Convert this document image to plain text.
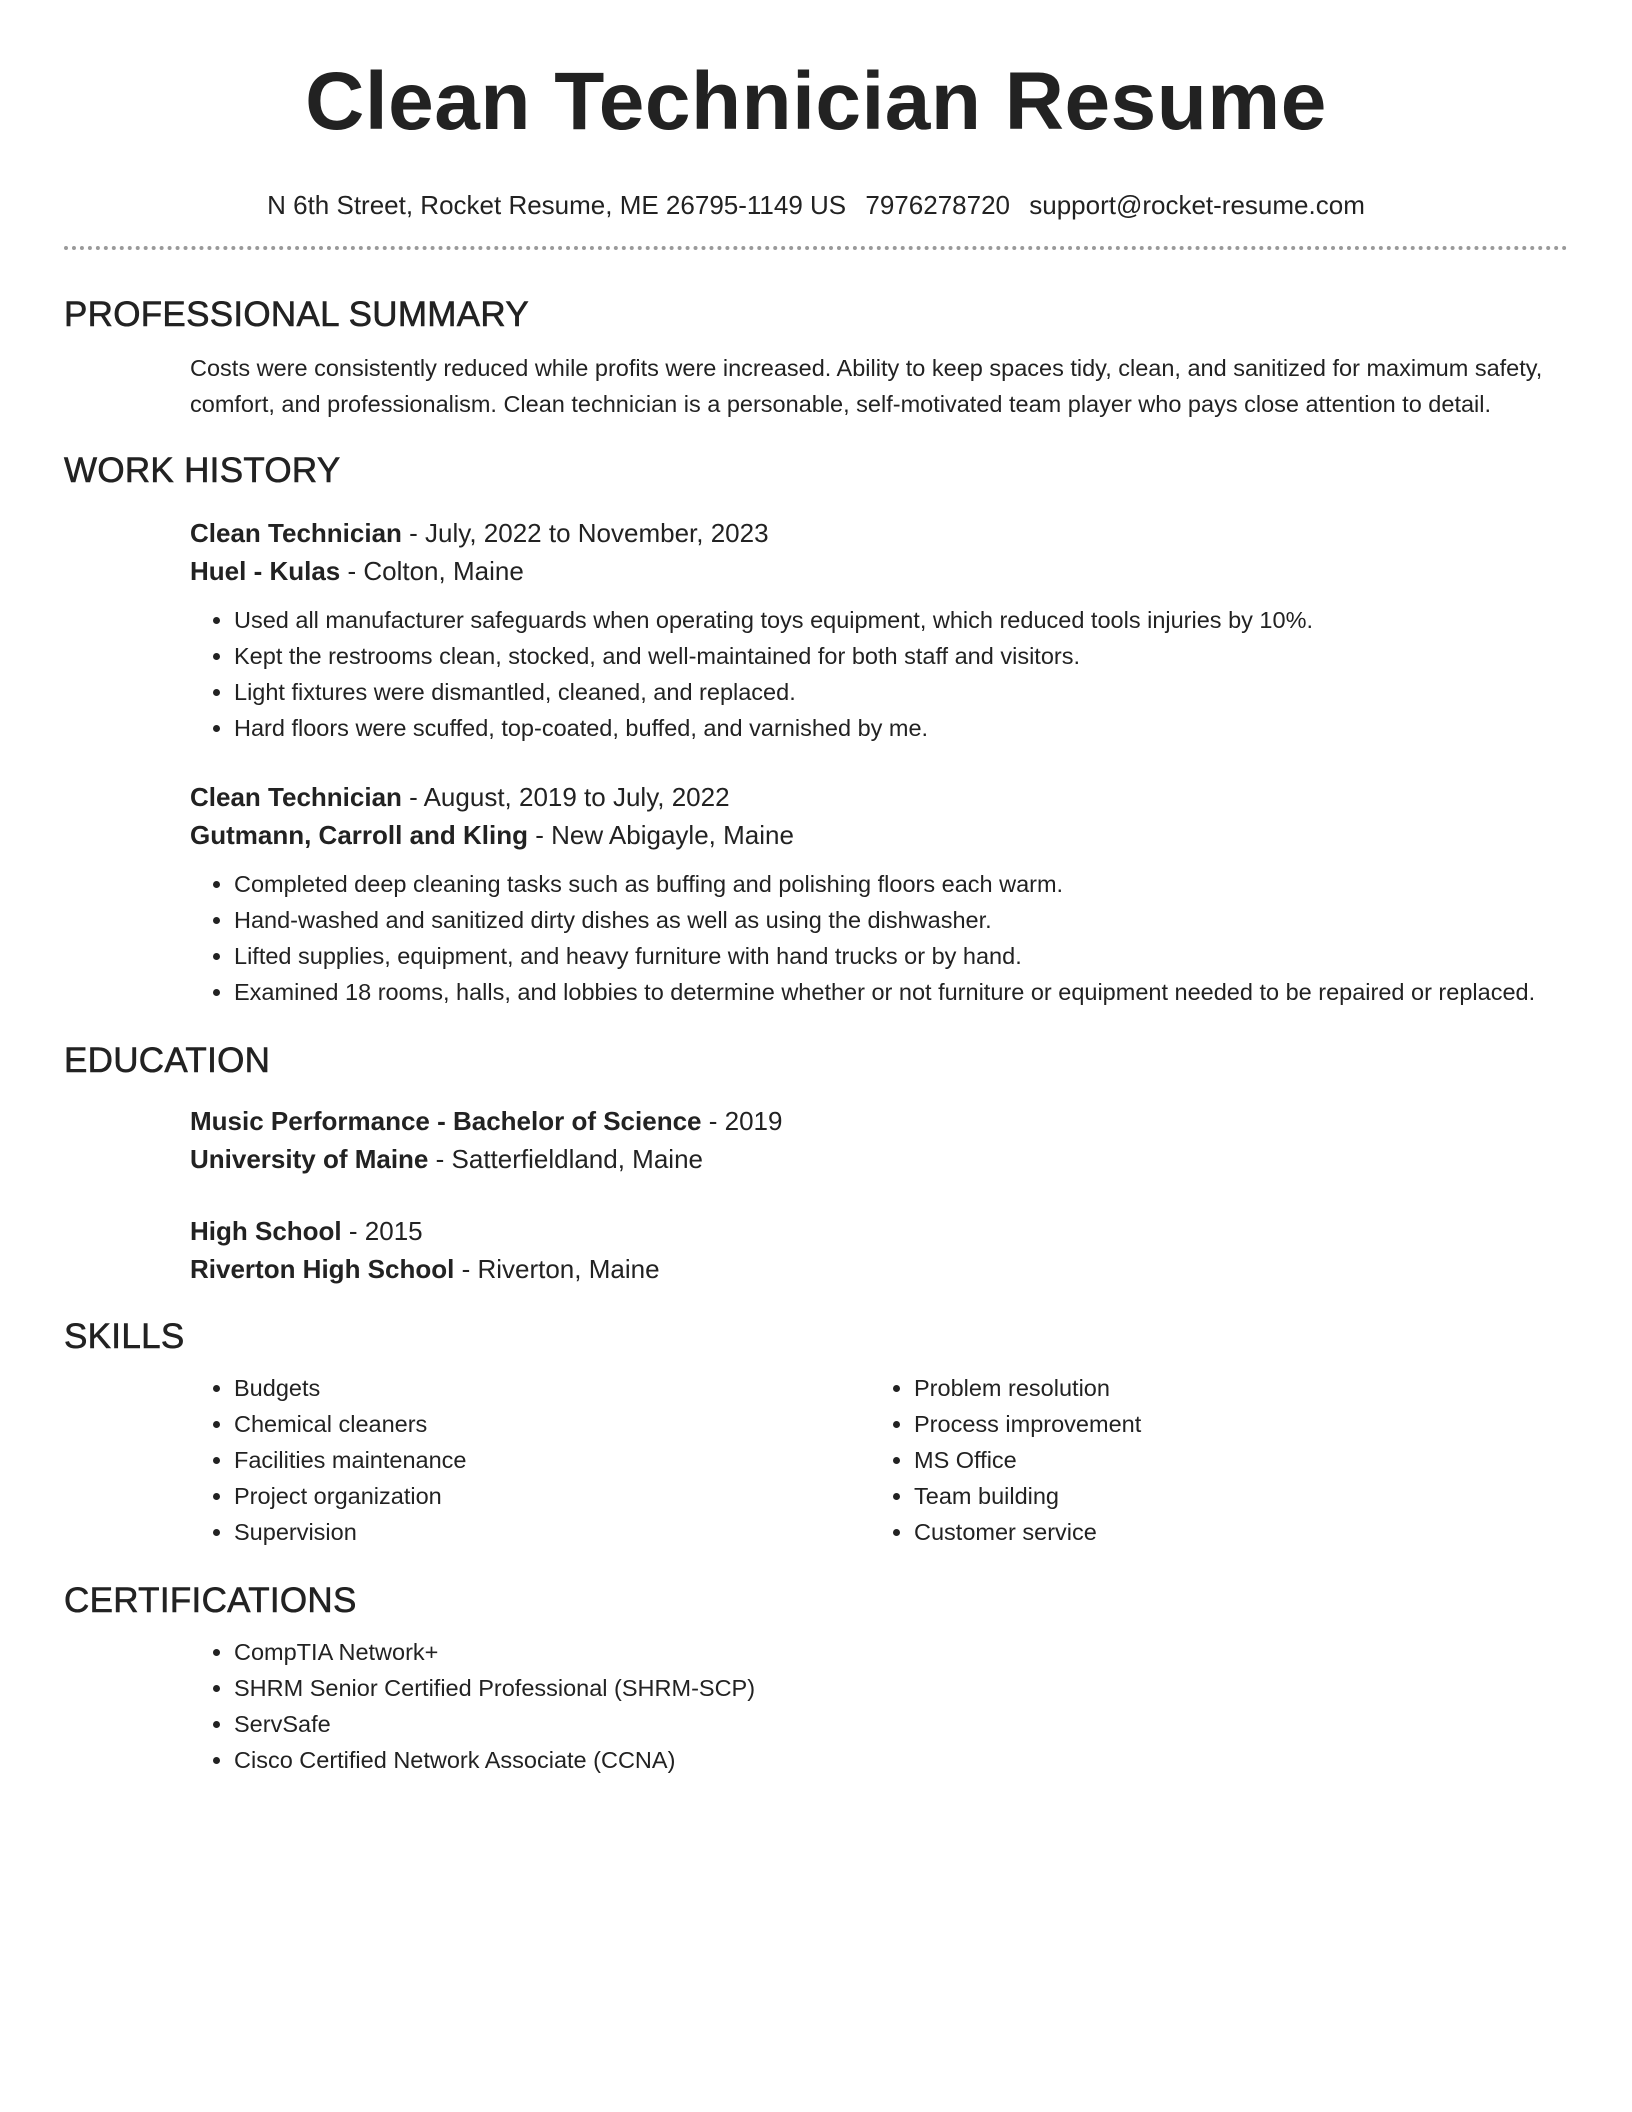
Clean Technician Resume
N 6th Street, Rocket Resume, ME 26795-1149 US 7976278720 support@rocket-resume.com
PROFESSIONAL SUMMARY
Costs were consistently reduced while profits were increased. Ability to keep spaces tidy, clean, and sanitized for maximum safety, comfort, and professionalism. Clean technician is a personable, self-motivated team player who pays close attention to detail.
WORK HISTORY
Clean Technician - July, 2022 to November, 2023
Huel - Kulas - Colton, Maine
• Used all manufacturer safeguards when operating toys equipment, which reduced tools injuries by 10%.
• Kept the restrooms clean, stocked, and well-maintained for both staff and visitors.
• Light fixtures were dismantled, cleaned, and replaced.
• Hard floors were scuffed, top-coated, buffed, and varnished by me.
Clean Technician - August, 2019 to July, 2022
Gutmann, Carroll and Kling - New Abigayle, Maine
• Completed deep cleaning tasks such as buffing and polishing floors each warm.
• Hand-washed and sanitized dirty dishes as well as using the dishwasher.
• Lifted supplies, equipment, and heavy furniture with hand trucks or by hand.
• Examined 18 rooms, halls, and lobbies to determine whether or not furniture or equipment needed to be repaired or replaced.
EDUCATION
Music Performance - Bachelor of Science - 2019
University of Maine - Satterfieldland, Maine
High School - 2015
Riverton High School - Riverton, Maine
SKILLS
• Budgets
• Chemical cleaners
• Facilities maintenance
• Project organization
• Supervision
• Problem resolution
• Process improvement
• MS Office
• Team building
• Customer service
CERTIFICATIONS
• CompTIA Network+
• SHRM Senior Certified Professional (SHRM-SCP)
• ServSafe
• Cisco Certified Network Associate (CCNA)
